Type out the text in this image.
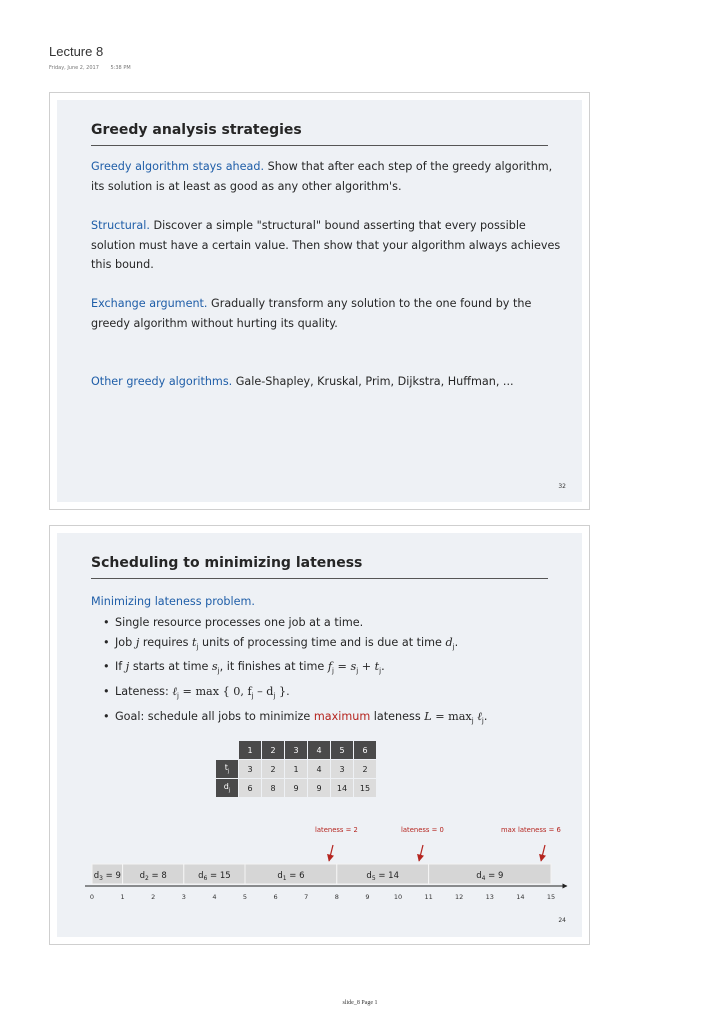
Lecture 8
Friday, June 2, 2017 5:38 PM
Greedy analysis strategies
Greedy algorithm stays ahead. Show that after each step of the greedy algorithm, its solution is at least as good as any other algorithm's.
Structural. Discover a simple "structural" bound asserting that every possible solution must have a certain value. Then show that your algorithm always achieves this bound.
Exchange argument. Gradually transform any solution to the one found by the greedy algorithm without hurting its quality.
Other greedy algorithms. Gale-Shapley, Kruskal, Prim, Dijkstra, Huffman, ...
32
Scheduling to minimizing lateness
Minimizing lateness problem.
• Single resource processes one job at a time.
• Job j requires $t_j$ units of processing time and is due at time $d_j$.
• If j starts at time $s_j$, it finishes at time $f_j = s_j + t_j$.
• Lateness: ℓ$_j$ = max { 0, $f_j - d_j$ }.
• Goal: schedule all jobs to minimize maximum lateness $L = \max_j$ ℓ$_j$.
	1	2	3	4	5	6
$t_j$	3	2	1	4	3	2
$d_j$	6	8	9	9	14	15
lateness = 2	lateness = 0	max lateness = 6
$d_3 = 9$ $d_2 = 8$	$d_6 = 15$	$d_1 = 6$	$d_5 = 14$	$d_4 = 9$
0	1	2	3	4	5	6	7	8	9	10	11	12	13	14	15
24
slide_8 Page 1
